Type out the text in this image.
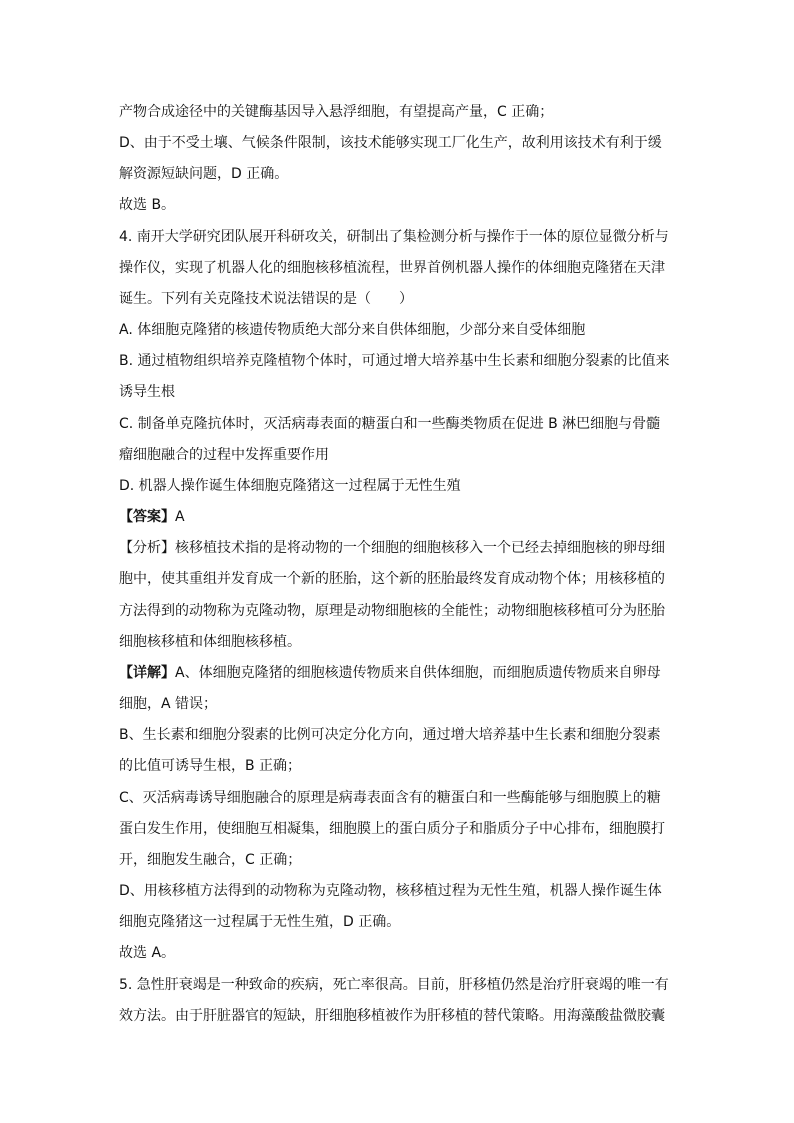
产物合成途径中的关键酶基因导入悬浮细胞，有望提高产量，C 正确；
D、由于不受土壤、气候条件限制，该技术能够实现工厂化生产，故利用该技术有利于缓
解资源短缺问题，D 正确。
故选 B。
4. 南开大学研究团队展开科研攻关，研制出了集检测分析与操作于一体的原位显微分析与
操作仪，实现了机器人化的细胞核移植流程，世界首例机器人操作的体细胞克隆猪在天津
诞生。下列有关克隆技术说法错误的是（　　）
A. 体细胞克隆猪的核遗传物质绝大部分来自供体细胞，少部分来自受体细胞
B. 通过植物组织培养克隆植物个体时，可通过增大培养基中生长素和细胞分裂素的比值来
诱导生根
C. 制备单克隆抗体时，灭活病毒表面的糖蛋白和一些酶类物质在促进 B 淋巴细胞与骨髓
瘤细胞融合的过程中发挥重要作用
D. 机器人操作诞生体细胞克隆猪这一过程属于无性生殖
【答案】A
【分析】核移植技术指的是将动物的一个细胞的细胞核移入一个已经去掉细胞核的卵母细
胞中，使其重组并发育成一个新的胚胎，这个新的胚胎最终发育成动物个体；用核移植的
方法得到的动物称为克隆动物，原理是动物细胞核的全能性；动物细胞核移植可分为胚胎
细胞核移植和体细胞核移植。
【详解】A、体细胞克隆猪的细胞核遗传物质来自供体细胞，而细胞质遗传物质来自卵母
细胞，A 错误；
B、生长素和细胞分裂素的比例可决定分化方向，通过增大培养基中生长素和细胞分裂素
的比值可诱导生根，B 正确；
C、灭活病毒诱导细胞融合的原理是病毒表面含有的糖蛋白和一些酶能够与细胞膜上的糖
蛋白发生作用，使细胞互相凝集，细胞膜上的蛋白质分子和脂质分子中心排布，细胞膜打
开，细胞发生融合，C 正确；
D、用核移植方法得到的动物称为克隆动物，核移植过程为无性生殖，机器人操作诞生体
细胞克隆猪这一过程属于无性生殖，D 正确。
故选 A。
5. 急性肝衰竭是一种致命的疾病，死亡率很高。目前，肝移植仍然是治疗肝衰竭的唯一有
效方法。由于肝脏器官的短缺，肝细胞移植被作为肝移植的替代策略。用海藻酸盐微胶囊
